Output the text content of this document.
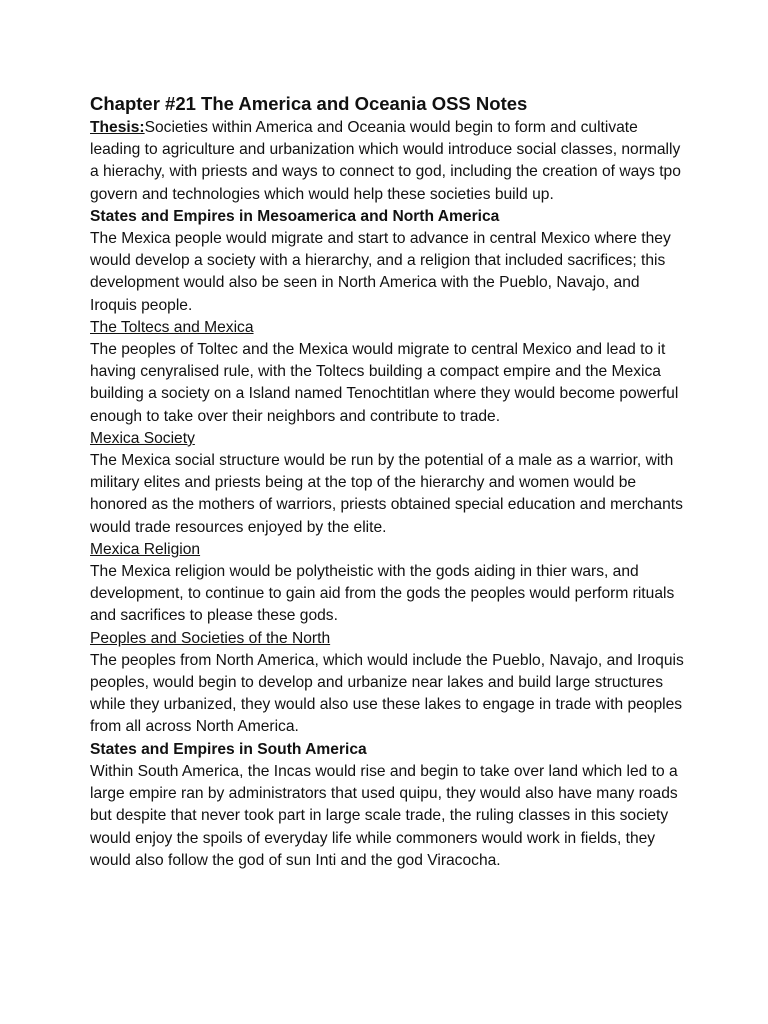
Chapter #21 The America and Oceania OSS Notes

Thesis:Societies within America and Oceania would begin to form and cultivate leading to agriculture and urbanization which would introduce social classes, normally a hierachy, with priests and ways to connect to god, including the creation of ways tpo govern and technologies which would help these societies build up.

States and Empires in Mesoamerica and North America

The Mexica people would migrate and start to advance in central Mexico where they would develop a society with a hierarchy, and a religion that included sacrifices; this development would also be seen in North America with the Pueblo, Navajo, and Iroquis people.

The Toltecs and Mexica

The peoples of Toltec and the Mexica would migrate to central Mexico and lead to it having cenyralised rule, with the Toltecs building a compact empire and the Mexica building a society on a Island named Tenochtitlan where they would become powerful enough to take over their neighbors and contribute to trade.

Mexica Society

The Mexica social structure would be run by the potential of a male as a warrior, with military elites and priests being at the top of the hierarchy and women would be honored as the mothers of warriors, priests obtained special education and merchants would trade resources enjoyed by the elite.

Mexica Religion

The Mexica religion would be polytheistic with the gods aiding in thier wars, and development, to continue to gain aid from the gods the peoples would perform rituals and sacrifices to please these gods.

Peoples and Societies of the North

The peoples from North America, which would include the Pueblo, Navajo, and Iroquis peoples, would begin to develop and urbanize near lakes and build large structures while they urbanized, they would also use these lakes to engage in trade with peoples from all across North America.

States and Empires in South America

Within South America, the Incas would rise and begin to take over land which led to a large empire ran by administrators that used quipu, they would also have many roads but despite that never took part in large scale trade, the ruling classes in this society would enjoy the spoils of everyday life while commoners would work in fields, they would also follow the god of sun Inti and the god Viracocha.
